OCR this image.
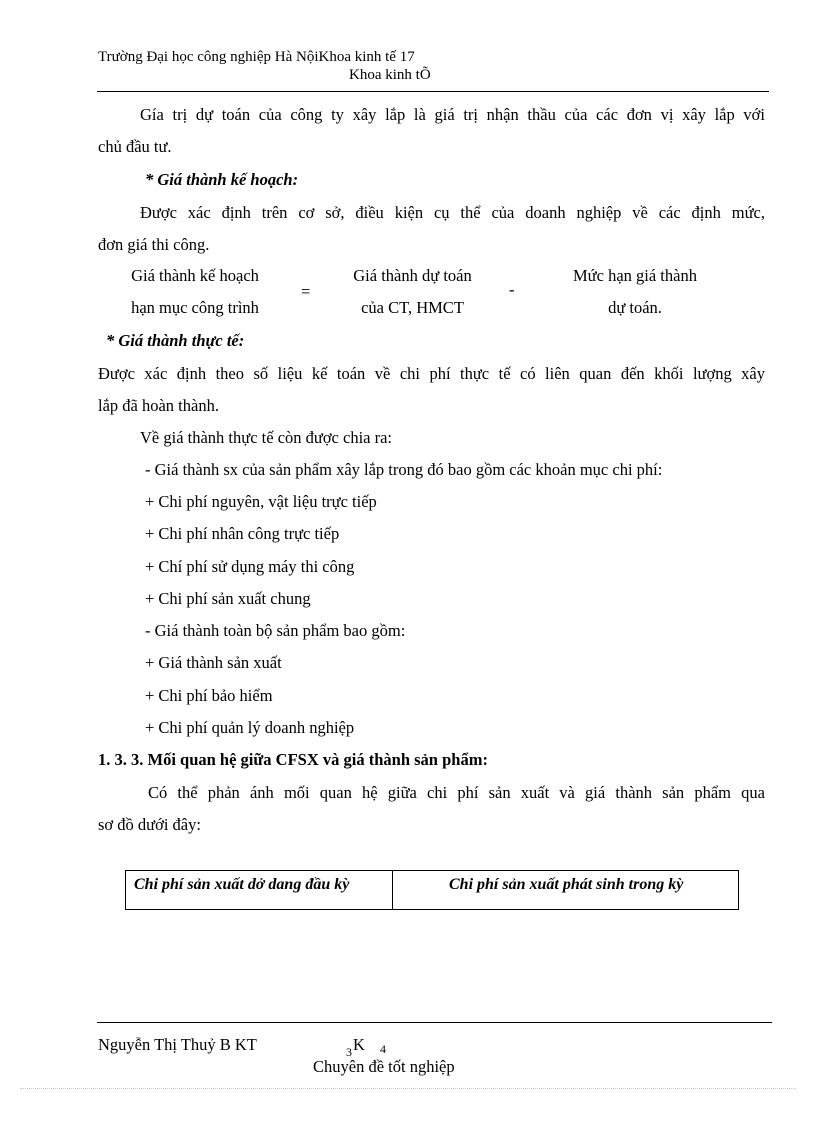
Trường Đại học công nghiệp Hà NộiKhoa kinh tế 17
Khoa kinh tÕ
Gía trị dự toán của công ty xây lắp là giá trị nhận thầu của các đơn vị xây lắp với
chủ đầu tư.
* Giá thành kế hoạch:
Được xác định trên cơ sở, điều kiện cụ thể của doanh nghiệp về các định mức,
đơn giá thi công.
Giá thành kế hoạch
hạn mục công trình
=
Giá thành dự toán
của CT, HMCT
-
Mức hạn giá thành
dự toán.
* Giá thành thực tế:
Được xác định theo số liệu kế toán về chi phí thực tế có liên quan đến khối lượng xây
lắp đã hoàn thành.
Về giá thành thực tế còn được chia ra:
- Giá thành sx của sản phẩm xây lắp trong đó bao gồm các khoản mục chi phí:
+ Chi phí nguyên, vật liệu trực tiếp
+ Chi phí nhân công trực tiếp
+ Chí phí sử dụng máy thi công
+ Chi phí sản xuất chung
- Giá thành toàn bộ sản phẩm bao gồm:
+ Giá thành sản xuất
+ Chi phí bảo hiểm
+ Chi phí quản lý doanh nghiệp
1. 3. 3. Mối quan hệ giữa CFSX và giá thành sản phẩm:
Có thể phản ánh mối quan hệ giữa chi phí sản xuất và giá thành sản phẩm qua
sơ đồ dưới đây:
Chi phí sản xuất dở dang đầu kỳ	Chi phí sản xuất phát sinh trong kỳ
Nguyễn Thị Thuỷ B KT	3 K 4
Chuyên đề tốt nghiệp
